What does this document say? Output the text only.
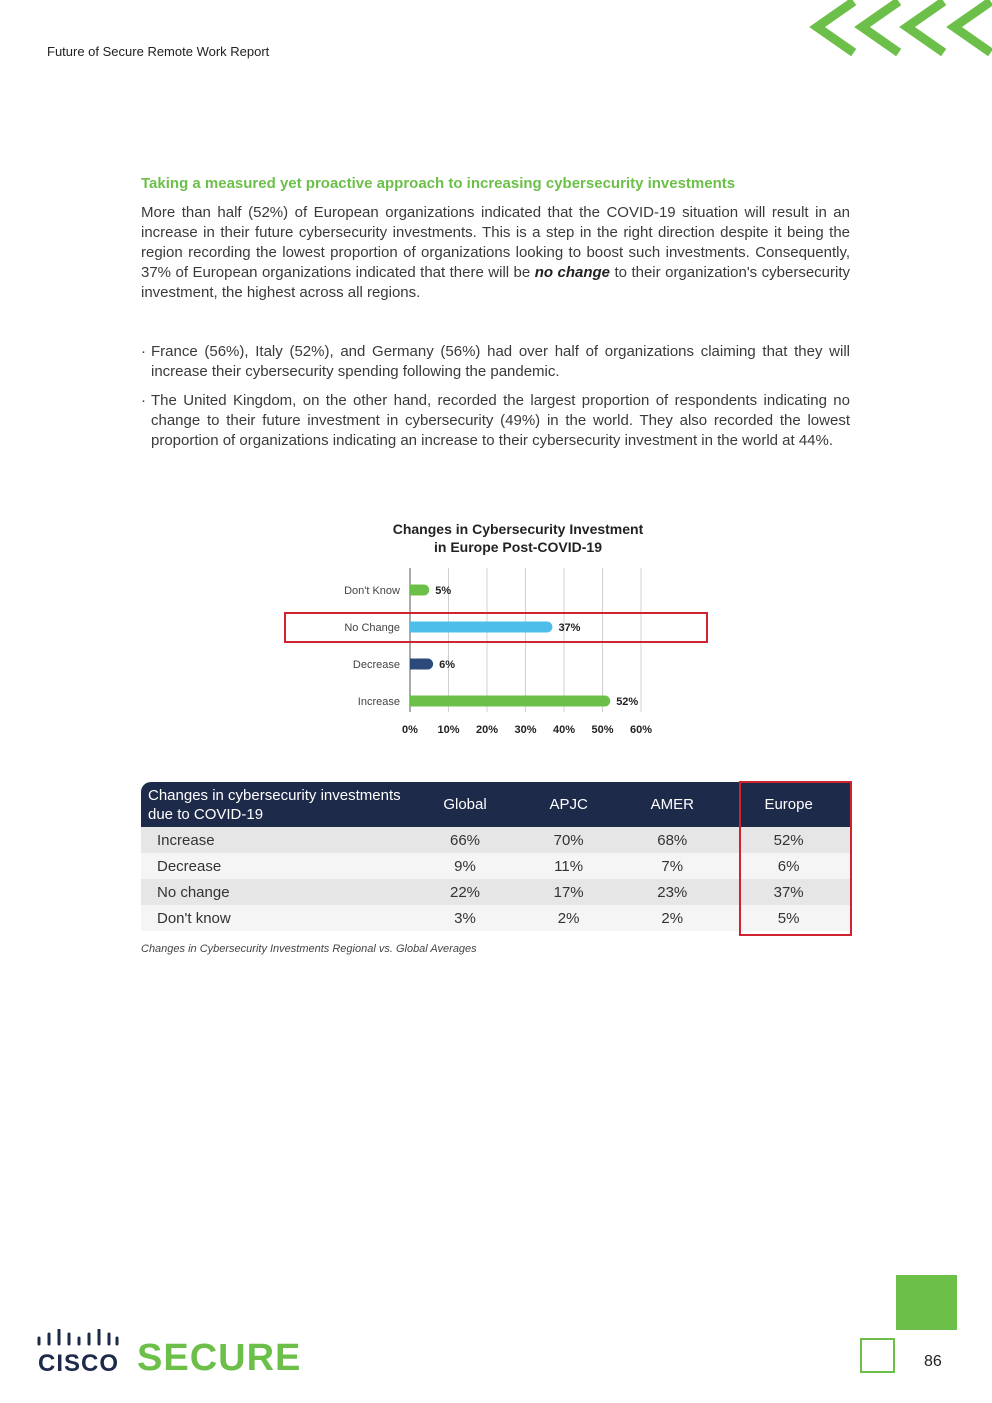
Future of Secure Remote Work Report
Taking a measured yet proactive approach to increasing cybersecurity investments

More than half (52%) of European organizations indicated that the COVID-19 situation will result in an increase in their future cybersecurity investments. This is a step in the right direction despite it being the region recording the lowest proportion of organizations looking to boost such investments. Consequently, 37% of European organizations indicated that there will be no change to their organization's cybersecurity investment, the highest across all regions.

· France (56%), Italy (52%), and Germany (56%) had over half of organizations claiming that they will increase their cybersecurity spending following the pandemic.
· The United Kingdom, on the other hand, recorded the largest proportion of respondents indicating no change to their future investment in cybersecurity (49%) in the world. They also recorded the lowest proportion of organizations indicating an increase to their cybersecurity investment in the world at 44%.
Changes in Cybersecurity Investment
in Europe Post-COVID-19
0% 10% 20% 30% 40% 50% 60%
Don't Know	5%
No Change	37%
Decrease	6%
Increase	52%
Changes in cybersecurity investments due to COVID-19	Global	APJC	AMER	Europe
Increase	66%	70%	68%	52%
Decrease	9%	11%	7%	6%
No change	22%	17%	23%	37%
Don't know	3%	2%	2%	5%
Changes in Cybersecurity Investments Regional vs. Global Averages
CISCO SECURE	86
